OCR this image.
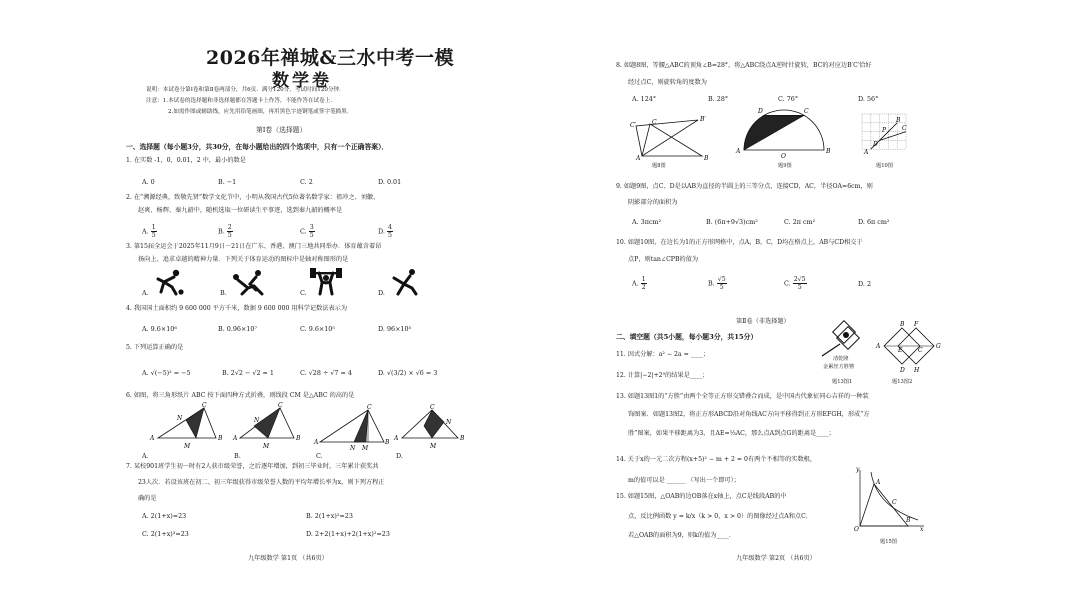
2026年禅城&三水中考一模
数学卷
说明：本试卷分第Ⅰ卷和第Ⅱ卷两部分，共6页．满分120分，考试时间120分钟．
注意：1.本试卷的选择题和非选择题都在答题卡上作答，不能作答在试卷上．
2.如需作图或辅助线，应先用铅笔画图，再用黑色字迹钢笔或签字笔描黑．
第Ⅰ卷（选择题）
一、选择题（每小题3分，共30分，在每小题给出的四个选项中，只有一个正确答案）．
1. 在实数 -1，0，0.01，2 中，最小的数是
A. 0	B. −1	C. 2	D. 0.01
2. 在“溯源经典，致敬先贤”数学文化节中，小明从我国古代5位著名数学家：祖冲之、刘徽、
赵爽、杨辉、秦九韶中，随机选取一位研读生平事迹，选到秦九韶的概率是
A. $\frac{1}{5}$	B. $\frac{2}{5}$	C. $\frac{3}{5}$	D. $\frac{4}{5}$
3. 第15届全运会于2025年11月9日－21日在广东、香港、澳门三地共同举办．体育蕴含着昂
扬向上、追求卓越的精神力量．下列关于体育运动的图标中是轴对称图形的是
A.	B.	C.	D.
4. 我国国土面积约 9 600 000 平方千米，数据 9 600 000 用科学记数法表示为
A. 9.6×10⁶	B. 0.96×10⁷	C. 9.6×10⁵	D. 96×10⁵
5. 下列运算正确的是
A. √(−5)² = −5	B. 2√2 − √2 = 1	C. √28 ÷ √7 = 4	D. √(3/2) × √6 = 3
6. 如图，将三角形纸片 ABC 按下面四种方式折叠，则线段 CM 是△ABC 的高的是
A	B
C
N
M
A.
A	B
C
N
M
B.
A	B
C
N M
C.
A	B
C
N
M
D.
7. 某校901班学生初一时有2人获市级荣誉，之后逐年增加，到初三毕业时，三年累计获奖共
23人次．若设该班在初二、初三年级获得市级荣誉人数的平均年增长率为x，则下列方程正
确的是
A. 2(1+x)=23	B. 2(1+x)²=23
C. 2(1+x)³=23	D. 2+2(1+x)+2(1+x)²=23
九年级数学 第1页 （共6页）
8. 如题8图，等腰△ABC的顶角∠B=28°，将△ABC绕点A逆时针旋转，BC的对应边B′C′恰好
经过点C，则旋转角的度数为
A. 124°	B. 28°	C. 76°	D. 56°
C′	C	B′
A	B
题8图
D	C
A
O
B
题9图
P
D
C
B
A
题10图
9. 如题9图，点C、D是以AB为直径的半圆上的三等分点，连接CD，AC，半径OA=6cm，则
阴影部分的面积为
A. 3πcm²	B. (6π+9√3)cm²	C. 2π cm²	D. 6π cm²
10. 如题10图，在边长为1的正方形网格中，点A，B，C，D均在格点上，AB与CD相交于
点P，则tan∠CPB的值为
A. $\frac{1}{2}$	B. $\frac{√5}{5}$	C. $\frac{2√5}{5}$	D. 2
第Ⅱ卷（非选择题）
二、填空题（共5小题，每小题3分，共15分）
清乾隆
金累丝方胜簪
题13图1
A
B
C
D
E
F
G
H
题13图2
11. 因式分解：a² − 2a = ____；
12. 计算|−2|+2⁰的结果是____；
13. 如题13图1的“方胜”由两个全等正方形交错叠合而成，是中国古代象征同心吉祥的一种装
饰图案．如题13图2，将正方形ABCD沿对角线AC方向平移得到正方形EFGH，形成“方
胜”图案，如果平移距离为3，且AE=⅓AC，那么点A到点G的距离是____；
14. 关于x的一元二次方程(x+5)² − m + 2 = 0有两个不相等的实数根，
m的值可以是 ______ （写出一个即可）；
15. 如题15图，△OAB的边OB落在x轴上，点C是线段AB的中
点，反比例函数 y = k/x（k > 0，x > 0）的图像经过点A和点C．
若△OAB的面积为9，则k的值为____．
y
x
O
A
B
C
题15图
九年级数学 第2页 （共6页）
